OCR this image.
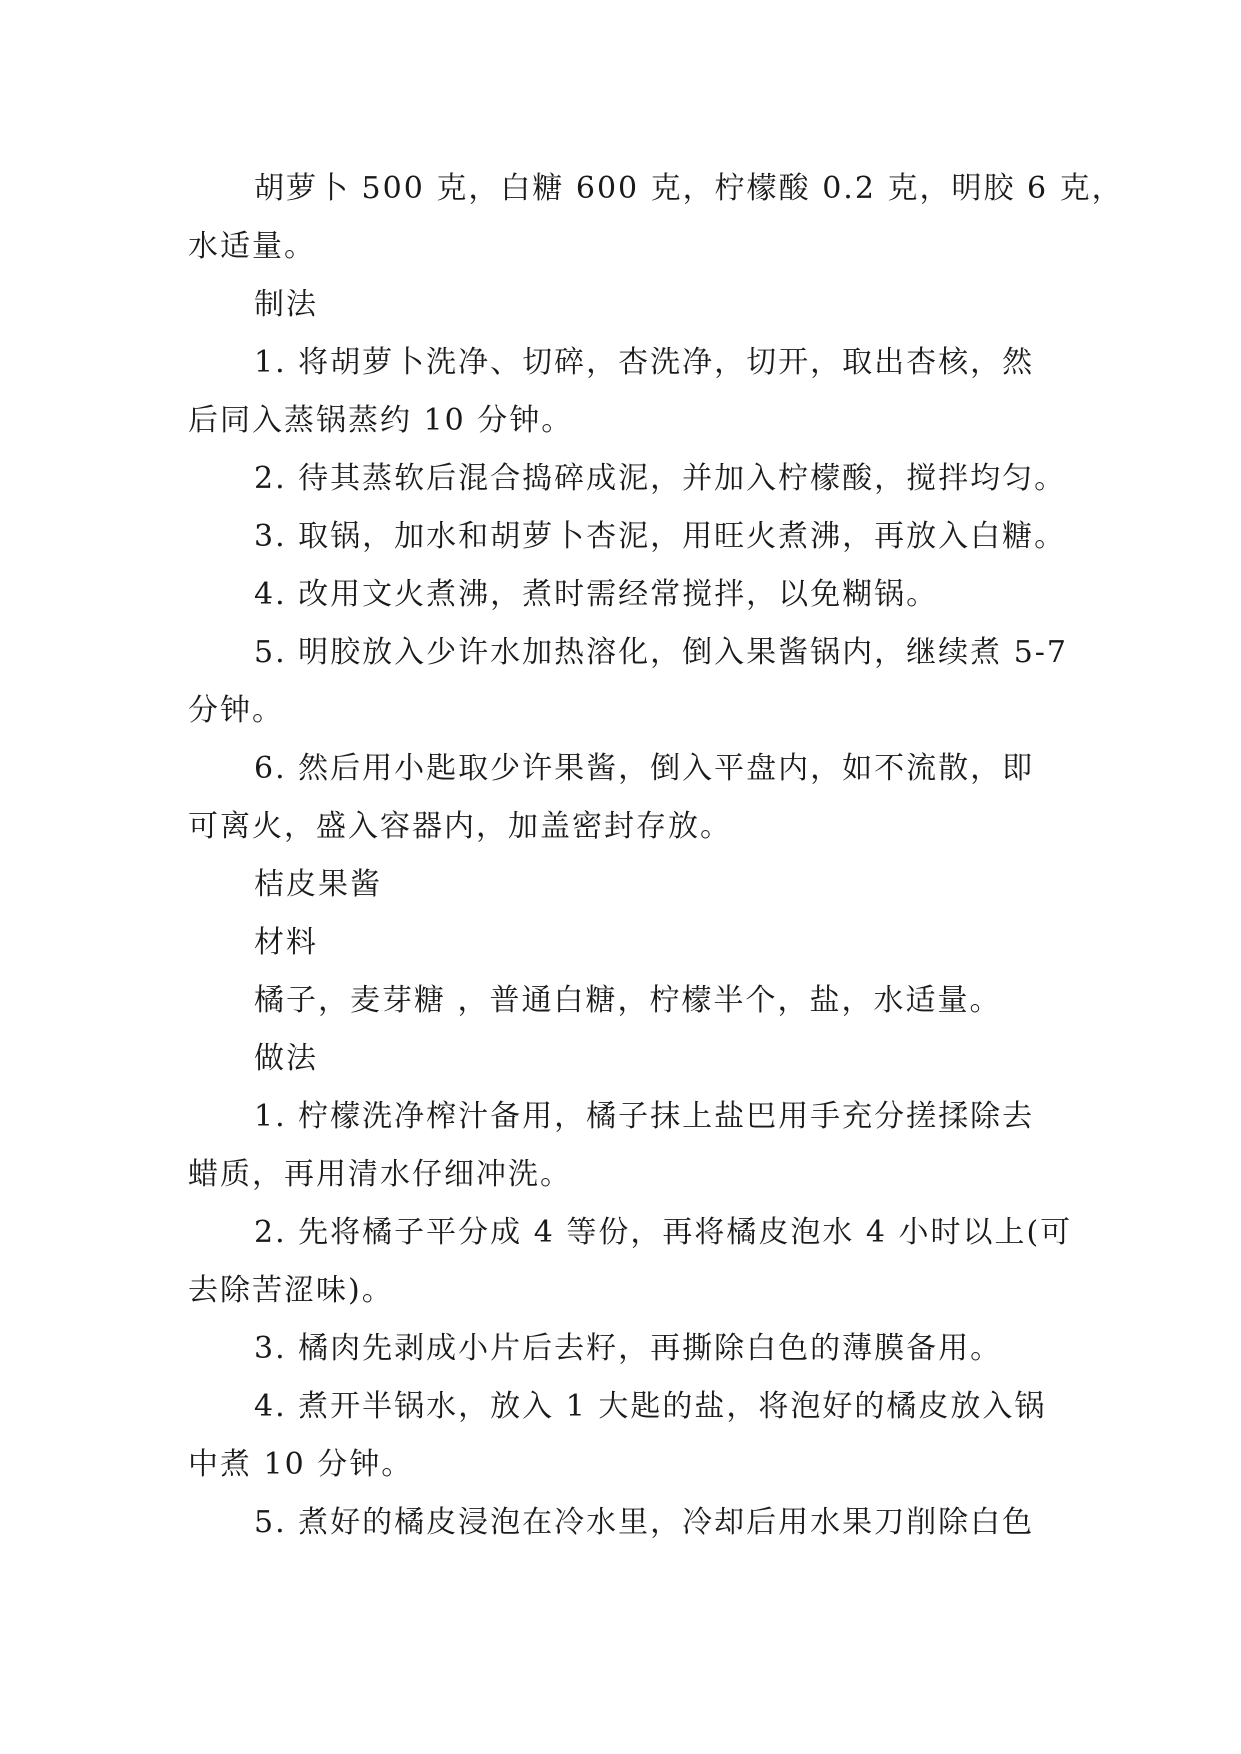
胡萝卜 500 克，白糖 600 克，柠檬酸 0.2 克，明胶 6 克，

水适量。

制法

1. 将胡萝卜洗净、切碎，杏洗净，切开，取出杏核，然

后同入蒸锅蒸约 10 分钟。

2. 待其蒸软后混合捣碎成泥，并加入柠檬酸，搅拌均匀。

3. 取锅，加水和胡萝卜杏泥，用旺火煮沸，再放入白糖。

4. 改用文火煮沸，煮时需经常搅拌，以免糊锅。

5. 明胶放入少许水加热溶化，倒入果酱锅内，继续煮 5-7

分钟。

6. 然后用小匙取少许果酱，倒入平盘内，如不流散，即

可离火，盛入容器内，加盖密封存放。

桔皮果酱

材料

橘子，麦芽糖 ，普通白糖，柠檬半个，盐，水适量。

做法

1. 柠檬洗净榨汁备用，橘子抹上盐巴用手充分搓揉除去

蜡质，再用清水仔细冲洗。

2. 先将橘子平分成 4 等份，再将橘皮泡水 4 小时以上(可

去除苦涩味)。

3. 橘肉先剥成小片后去籽，再撕除白色的薄膜备用。

4. 煮开半锅水，放入 1 大匙的盐，将泡好的橘皮放入锅

中煮 10 分钟。

5. 煮好的橘皮浸泡在冷水里，冷却后用水果刀削除白色
